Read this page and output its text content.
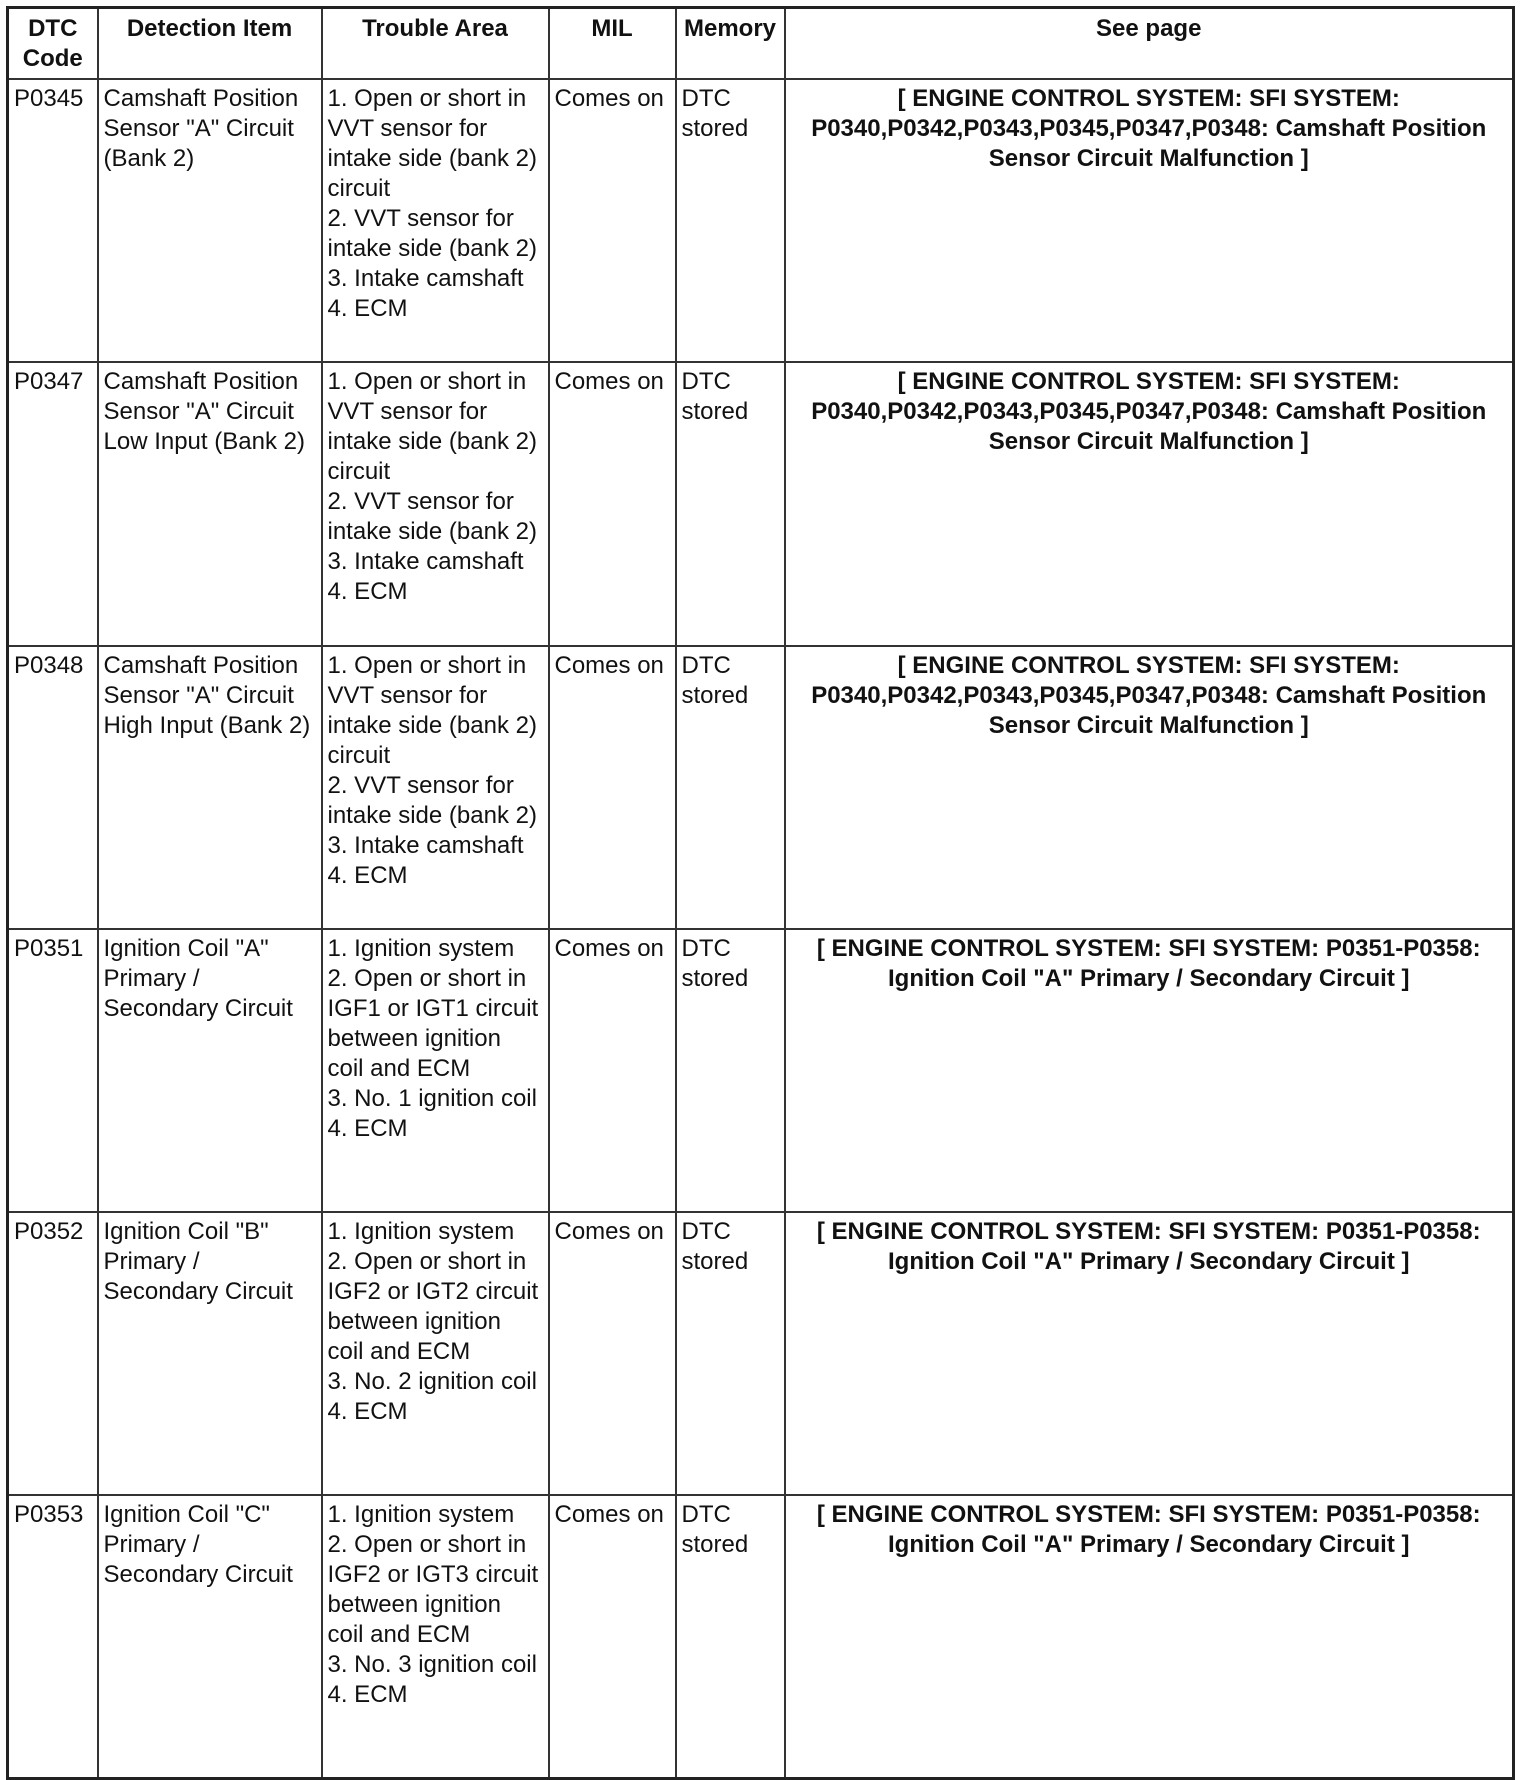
DTC Code	Detection Item	Trouble Area	MIL	Memory	See page
P0345	Camshaft Position Sensor "A" Circuit (Bank 2)	1. Open or short in VVT sensor for intake side (bank 2) circuit
2. VVT sensor for intake side (bank 2)
3. Intake camshaft
4. ECM	Comes on	DTC stored	[ ENGINE CONTROL SYSTEM: SFI SYSTEM: P0340,P0342,P0343,P0345,P0347,P0348: Camshaft Position Sensor Circuit Malfunction ]
P0347	Camshaft Position Sensor "A" Circuit Low Input (Bank 2)	1. Open or short in VVT sensor for intake side (bank 2) circuit
2. VVT sensor for intake side (bank 2)
3. Intake camshaft
4. ECM	Comes on	DTC stored	[ ENGINE CONTROL SYSTEM: SFI SYSTEM: P0340,P0342,P0343,P0345,P0347,P0348: Camshaft Position Sensor Circuit Malfunction ]
P0348	Camshaft Position Sensor "A" Circuit High Input (Bank 2)	1. Open or short in VVT sensor for intake side (bank 2) circuit
2. VVT sensor for intake side (bank 2)
3. Intake camshaft
4. ECM	Comes on	DTC stored	[ ENGINE CONTROL SYSTEM: SFI SYSTEM: P0340,P0342,P0343,P0345,P0347,P0348: Camshaft Position Sensor Circuit Malfunction ]
P0351	Ignition Coil "A" Primary / Secondary Circuit	1. Ignition system
2. Open or short in IGF1 or IGT1 circuit between ignition coil and ECM
3. No. 1 ignition coil
4. ECM	Comes on	DTC stored	[ ENGINE CONTROL SYSTEM: SFI SYSTEM: P0351-P0358: Ignition Coil "A" Primary / Secondary Circuit ]
P0352	Ignition Coil "B" Primary / Secondary Circuit	1. Ignition system
2. Open or short in IGF2 or IGT2 circuit between ignition coil and ECM
3. No. 2 ignition coil
4. ECM	Comes on	DTC stored	[ ENGINE CONTROL SYSTEM: SFI SYSTEM: P0351-P0358: Ignition Coil "A" Primary / Secondary Circuit ]
P0353	Ignition Coil "C" Primary / Secondary Circuit	1. Ignition system
2. Open or short in IGF2 or IGT3 circuit between ignition coil and ECM
3. No. 3 ignition coil
4. ECM	Comes on	DTC stored	[ ENGINE CONTROL SYSTEM: SFI SYSTEM: P0351-P0358: Ignition Coil "A" Primary / Secondary Circuit ]
